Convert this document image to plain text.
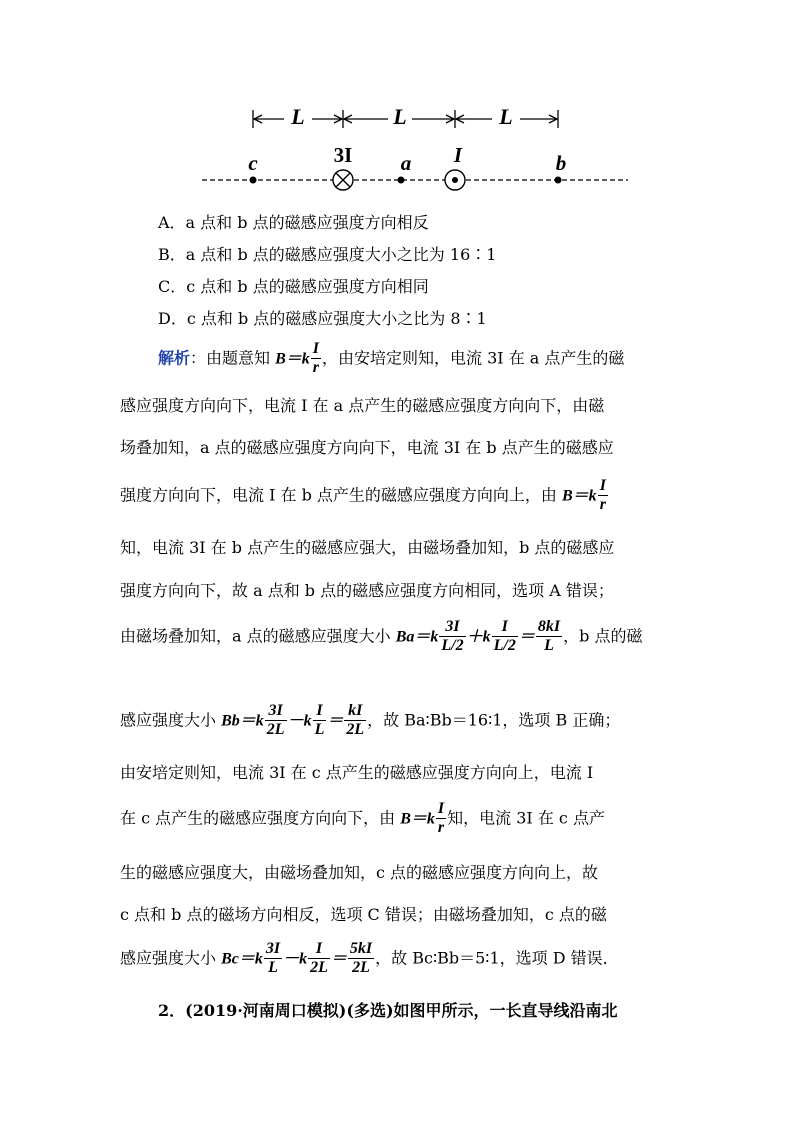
L	L	L
c	3I a I	b
A．a 点和 b 点的磁感应强度方向相反
B．a 点和 b 点的磁感应强度大小之比为 16∶1
C．c 点和 b 点的磁感应强度方向相同
D．c 点和 b 点的磁感应强度大小之比为 8∶1
解析：由题意知 $B=k \frac{I}{r}$ ，由安培定则知，电流 3I 在 a 点产生的磁
感应强度方向向下，电流 I 在 a 点产生的磁感应强度方向向下，由磁
场叠加知，a 点的磁感应强度方向向下，电流 3I 在 b 点产生的磁感应
强度方向向下，电流 I 在 b 点产生的磁感应强度方向向上，由 $B=k \frac{I}{r}$
知，电流 3I 在 b 点产生的磁感应强大，由磁场叠加知，b 点的磁感应
强度方向向下，故 a 点和 b 点的磁感应强度方向相同，选项 A 错误；
由磁场叠加知，a 点的磁感应强度大小 $Ba=k \frac{3I}{L/2} +k \frac{I}{L/2} = \frac{8kI}{L}$ ，b 点的磁
感应强度大小 $Bb=k \frac{3I}{2L} -k \frac{I}{L} = \frac{kI}{2L}$ ，故 Ba∶Bb＝16∶1，选项 B 正确；
由安培定则知，电流 3I 在 c 点产生的磁感应强度方向向上，电流 I
在 c 点产生的磁感应强度方向向下，由 $B=k \frac{I}{r}$ 知，电流 3I 在 c 点产
生的磁感应强度大，由磁场叠加知，c 点的磁感应强度方向向上，故
c 点和 b 点的磁场方向相反，选项 C 错误；由磁场叠加知，c 点的磁
感应强度大小 $Bc=k \frac{3I}{L} -k \frac{I}{2L} = \frac{5kI}{2L}$ ，故 Bc∶Bb＝5∶1，选项 D 错误．
2．(2019·河南周口模拟)(多选)如图甲所示，一长直导线沿南北
